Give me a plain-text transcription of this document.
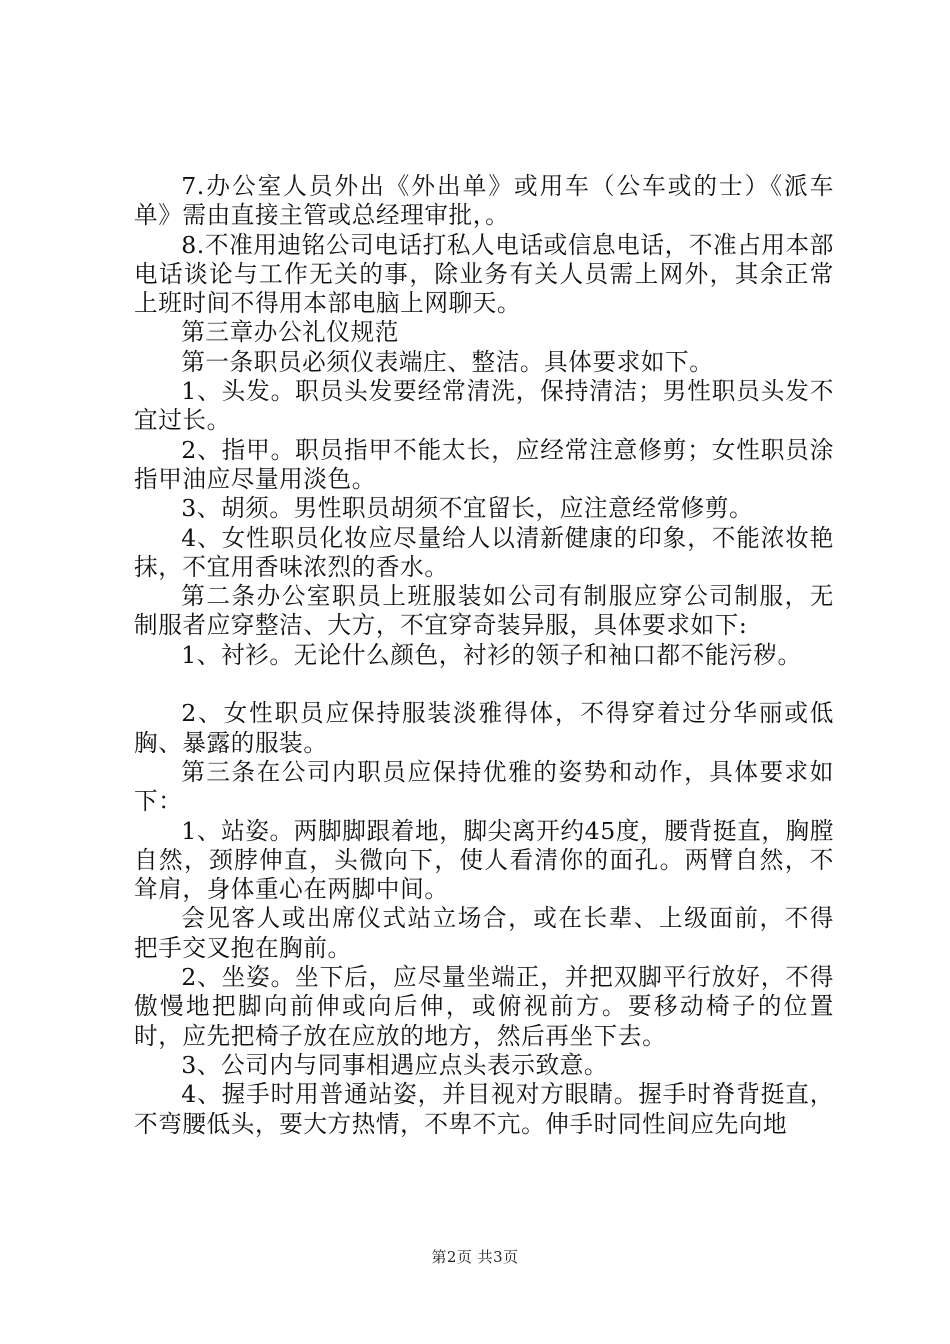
7.办公室人员外出《外出单》或用车（公车或的士）《派车单》需由直接主管或总经理审批，。

8.不准用迪铭公司电话打私人电话或信息电话，不准占用本部电话谈论与工作无关的事，除业务有关人员需上网外，其余正常上班时间不得用本部电脑上网聊天。

第三章办公礼仪规范

第一条职员必须仪表端庄、整洁。具体要求如下。

1、头发。职员头发要经常清洗，保持清洁；男性职员头发不宜过长。

2、指甲。职员指甲不能太长，应经常注意修剪；女性职员涂指甲油应尽量用淡色。

3、胡须。男性职员胡须不宜留长，应注意经常修剪。

4、女性职员化妆应尽量给人以清新健康的印象，不能浓妆艳抹，不宜用香味浓烈的香水。

第二条办公室职员上班服装如公司有制服应穿公司制服，无制服者应穿整洁、大方，不宜穿奇装异服，具体要求如下:

1、衬衫。无论什么颜色，衬衫的领子和袖口都不能污秽。

2、女性职员应保持服装淡雅得体，不得穿着过分华丽或低胸、暴露的服装。

第三条在公司内职员应保持优雅的姿势和动作，具体要求如下：

1、站姿。两脚脚跟着地，脚尖离开约45度，腰背挺直，胸膛自然，颈脖伸直，头微向下，使人看清你的面孔。两臂自然，不耸肩，身体重心在两脚中间。

会见客人或出席仪式站立场合，或在长辈、上级面前，不得把手交叉抱在胸前。

2、坐姿。坐下后，应尽量坐端正，并把双脚平行放好，不得傲慢地把脚向前伸或向后伸，或俯视前方。要移动椅子的位置时，应先把椅子放在应放的地方，然后再坐下去。

3、公司内与同事相遇应点头表示致意。

4、握手时用普通站姿，并目视对方眼睛。握手时脊背挺直，不弯腰低头，要大方热情，不卑不亢。伸手时同性间应先向地

第2页 共3页
